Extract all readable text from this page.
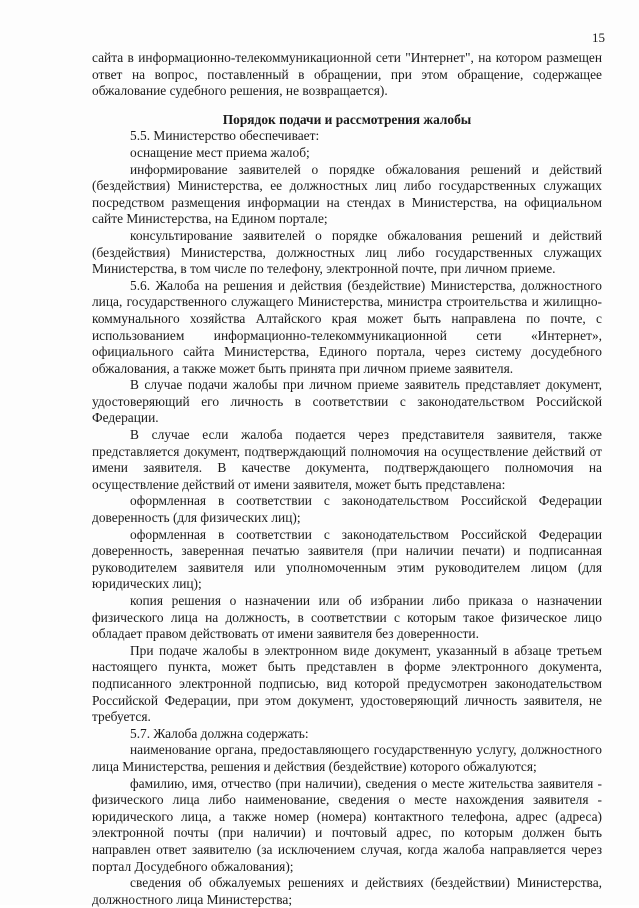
15

сайта в информационно-телекоммуникационной сети "Интернет", на котором размещен ответ на вопрос, поставленный в обращении, при этом обращение, содержащее обжалование судебного решения, не возвращается).

Порядок подачи и рассмотрения жалобы

5.5. Министерство обеспечивает:

оснащение мест приема жалоб;

информирование заявителей о порядке обжалования решений и действий (бездействия) Министерства, ее должностных лиц либо государственных служащих посредством размещения информации на стендах в Министерства, на официальном сайте Министерства, на Едином портале;

консультирование заявителей о порядке обжалования решений и действий (бездействия) Министерства, должностных лиц либо государственных служащих Министерства, в том числе по телефону, электронной почте, при личном приеме.

5.6. Жалоба на решения и действия (бездействие) Министерства, должностного лица, государственного служащего Министерства, министра строительства и жилищно-коммунального хозяйства Алтайского края может быть направлена по почте, с использованием информационно-телекоммуникационной сети «Интернет», официального сайта Министерства, Единого портала, через систему досудебного обжалования, а также может быть принята при личном приеме заявителя.

В случае подачи жалобы при личном приеме заявитель представляет документ, удостоверяющий его личность в соответствии с законодательством Российской Федерации.

В случае если жалоба подается через представителя заявителя, также представляется документ, подтверждающий полномочия на осуществление действий от имени заявителя. В качестве документа, подтверждающего полномочия на осуществление действий от имени заявителя, может быть представлена:

оформленная в соответствии с законодательством Российской Федерации доверенность (для физических лиц);

оформленная в соответствии с законодательством Российской Федерации доверенность, заверенная печатью заявителя (при наличии печати) и подписанная руководителем заявителя или уполномоченным этим руководителем лицом (для юридических лиц);

копия решения о назначении или об избрании либо приказа о назначении физического лица на должность, в соответствии с которым такое физическое лицо обладает правом действовать от имени заявителя без доверенности.

При подаче жалобы в электронном виде документ, указанный в абзаце третьем настоящего пункта, может быть представлен в форме электронного документа, подписанного электронной подписью, вид которой предусмотрен законодательством Российской Федерации, при этом документ, удостоверяющий личность заявителя, не требуется.

5.7. Жалоба должна содержать:

наименование органа, предоставляющего государственную услугу, должностного лица Министерства, решения и действия (бездействие) которого обжалуются;

фамилию, имя, отчество (при наличии), сведения о месте жительства заявителя - физического лица либо наименование, сведения о месте нахождения заявителя - юридического лица, а также номер (номера) контактного телефона, адрес (адреса) электронной почты (при наличии) и почтовый адрес, по которым должен быть направлен ответ заявителю (за исключением случая, когда жалоба направляется через портал Досудебного обжалования);

сведения об обжалуемых решениях и действиях (бездействии) Министерства, должностного лица Министерства;
